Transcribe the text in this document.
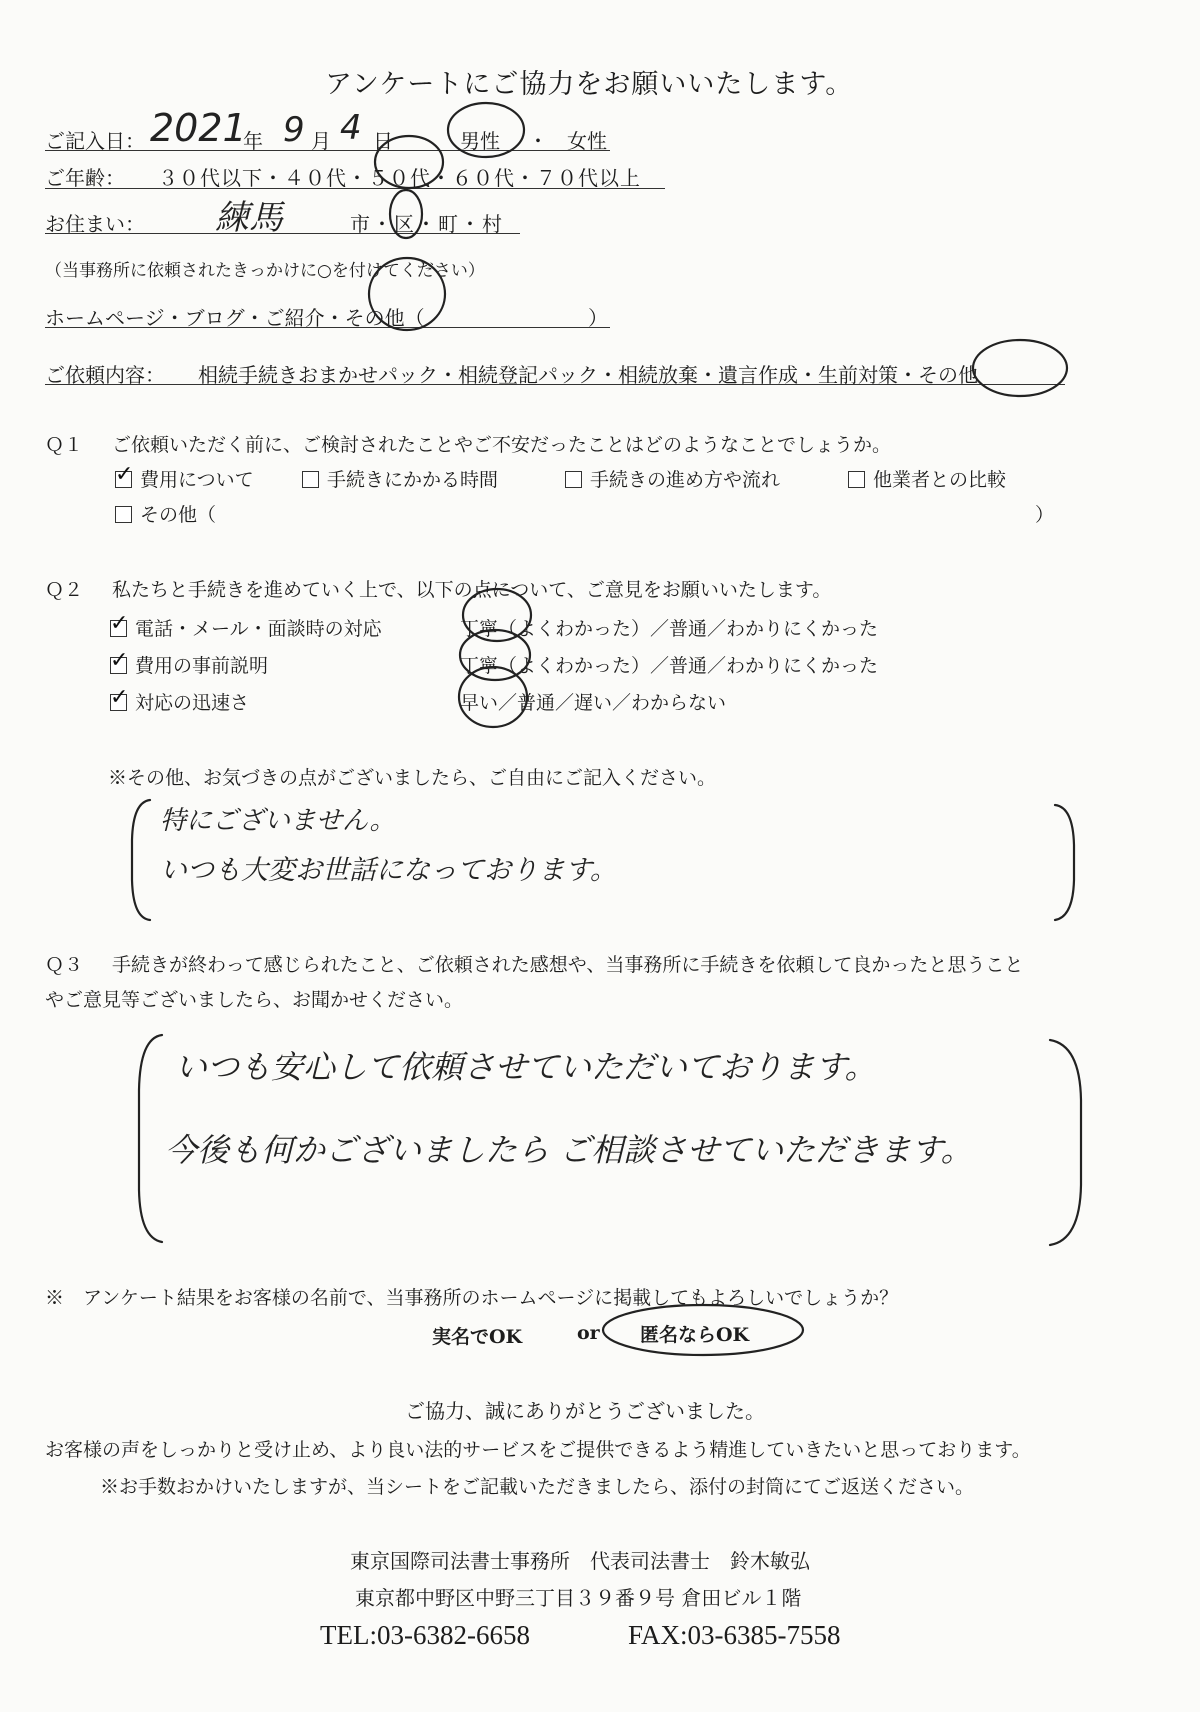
アンケートにご協力をお願いいたします。
ご記入日： 2021
年 9 月 4 日	男性 ・ 女性
ご年齢： ３０代以下・４０代・５０代・６０代・７０代以上
お住まい： 練馬	市・区・町・村
（当事務所に依頼されたきっかけに○を付けてください）
ホームページ・ブログ・ご紹介・その他（	）
ご依頼内容： 相続手続きおまかせパック・相続登記パック・相続放棄・遺言作成・生前対策・その他
Ｑ１ ご依頼いただく前に、ご検討されたことやご不安だったことはどのようなことでしょうか。
✓費用について	手続きにかかる時間	手続きの進め方や流れ	他業者との比較
その他（	）
Ｑ２ 私たちと手続きを進めていく上で、以下の点について、ご意見をお願いいたします。
✓電話・メール・面談時の対応	丁寧（よくわかった）／普通／わかりにくかった
✓費用の事前説明	丁寧（よくわかった）／普通／わかりにくかった
✓対応の迅速さ	早い／普通／遅い／わからない
※その他、お気づきの点がございましたら、ご自由にご記入ください。
特にございません。
いつも大変お世話になっております。
Ｑ３ 手続きが終わって感じられたこと、ご依頼された感想や、当事務所に手続きを依頼して良かったと思うこと
やご意見等ございましたら、お聞かせください。
いつも安心して依頼させていただいております。
今後も何かございましたら ご相談させていただきます。
※　アンケート結果をお客様の名前で、当事務所のホームページに掲載してもよろしいでしょうか？
実名でOK	or 匿名ならOK
ご協力、誠にありがとうございました。
お客様の声をしっかりと受け止め、より良い法的サービスをご提供できるよう精進していきたいと思っております。
※お手数おかけいたしますが、当シートをご記載いただきましたら、添付の封筒にてご返送ください。
東京国際司法書士事務所　代表司法書士　鈴木敏弘
東京都中野区中野三丁目３９番９号 倉田ビル１階
TEL:03-6382-6658	FAX:03-6385-7558
